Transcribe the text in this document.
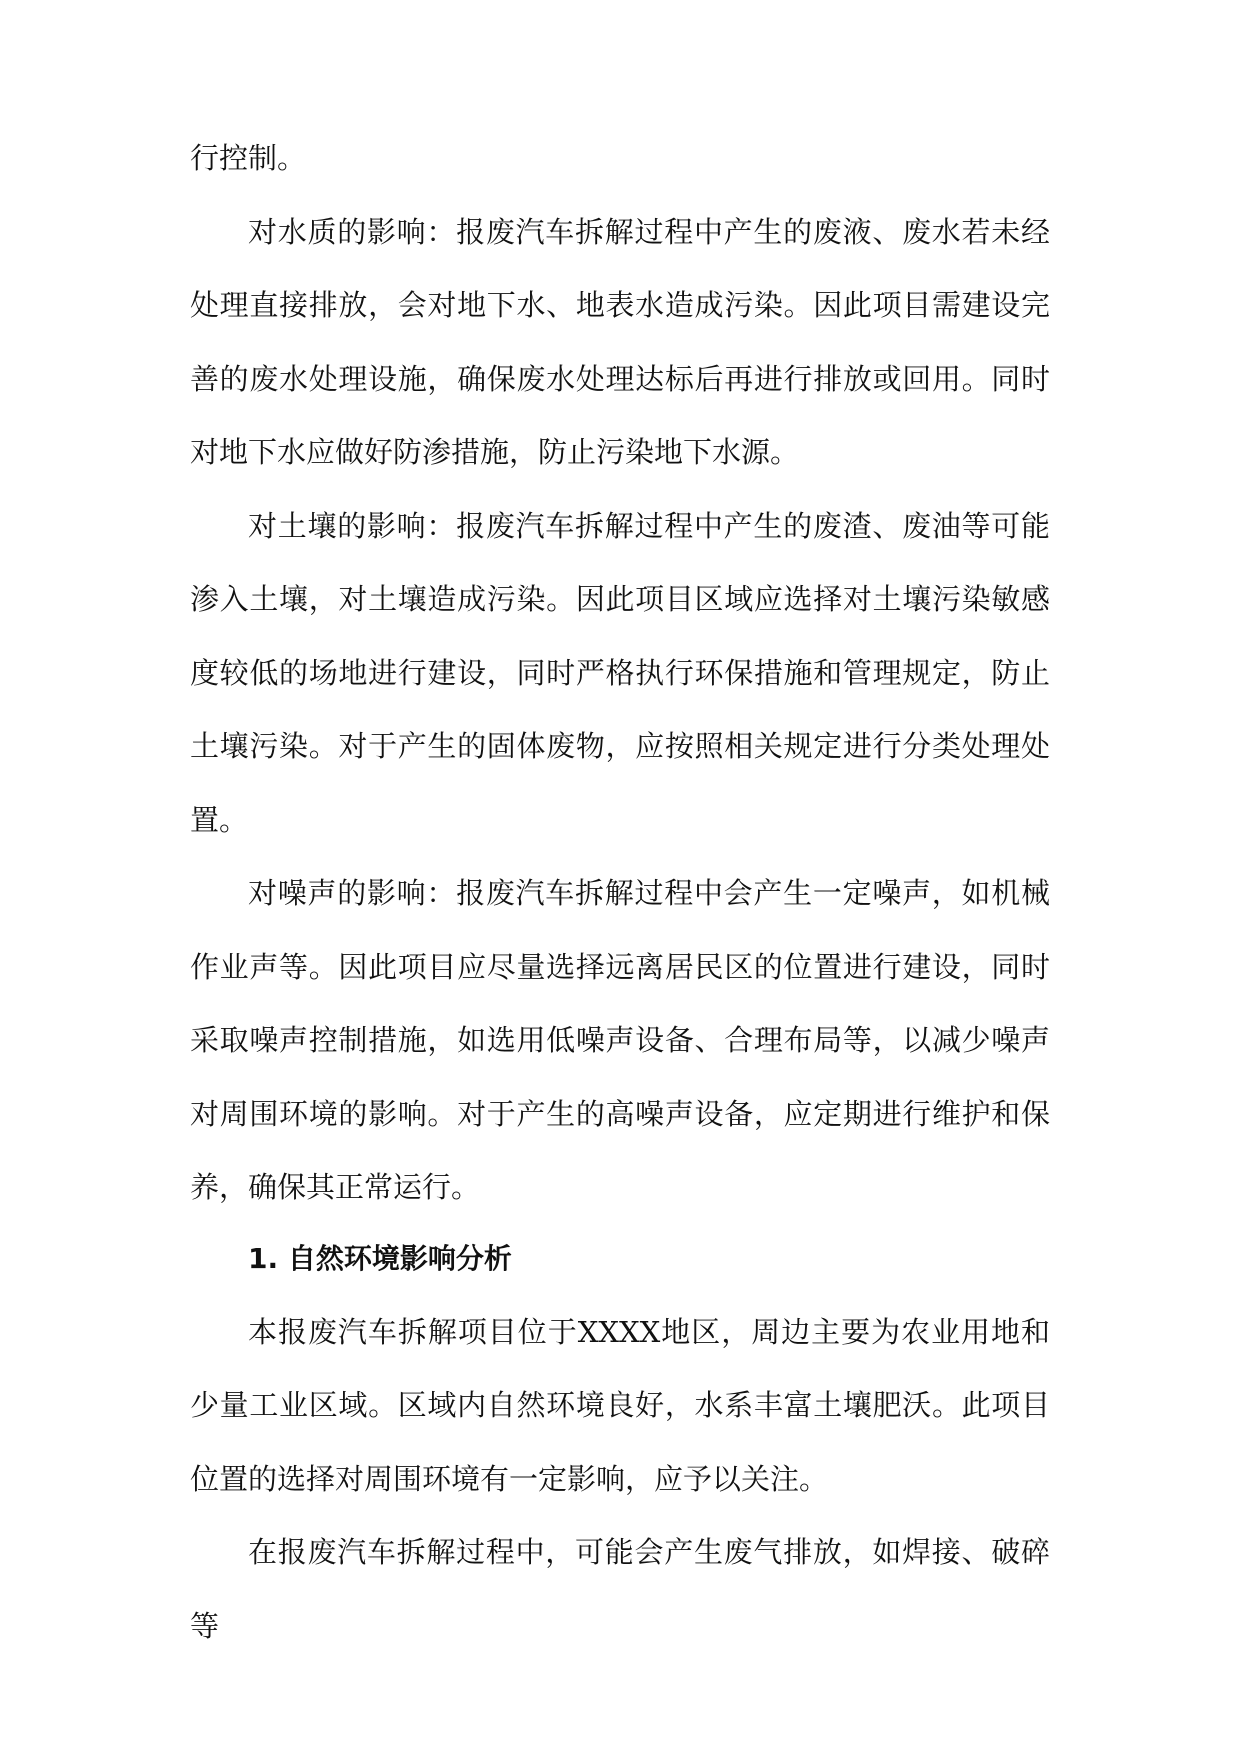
行控制。

对水质的影响：报废汽车拆解过程中产生的废液、废水若未经处理直接排放，会对地下水、地表水造成污染。因此项目需建设完善的废水处理设施，确保废水处理达标后再进行排放或回用。同时对地下水应做好防渗措施，防止污染地下水源。

对土壤的影响：报废汽车拆解过程中产生的废渣、废油等可能渗入土壤，对土壤造成污染。因此项目区域应选择对土壤污染敏感度较低的场地进行建设，同时严格执行环保措施和管理规定，防止土壤污染。对于产生的固体废物，应按照相关规定进行分类处理处置。

对噪声的影响：报废汽车拆解过程中会产生一定噪声，如机械作业声等。因此项目应尽量选择远离居民区的位置进行建设，同时采取噪声控制措施，如选用低噪声设备、合理布局等，以减少噪声对周围环境的影响。对于产生的高噪声设备，应定期进行维护和保养，确保其正常运行。

1. 自然环境影响分析

本报废汽车拆解项目位于XXXX地区，周边主要为农业用地和少量工业区域。区域内自然环境良好，水系丰富土壤肥沃。此项目位置的选择对周围环境有一定影响，应予以关注。

在报废汽车拆解过程中，可能会产生废气排放，如焊接、破碎等
